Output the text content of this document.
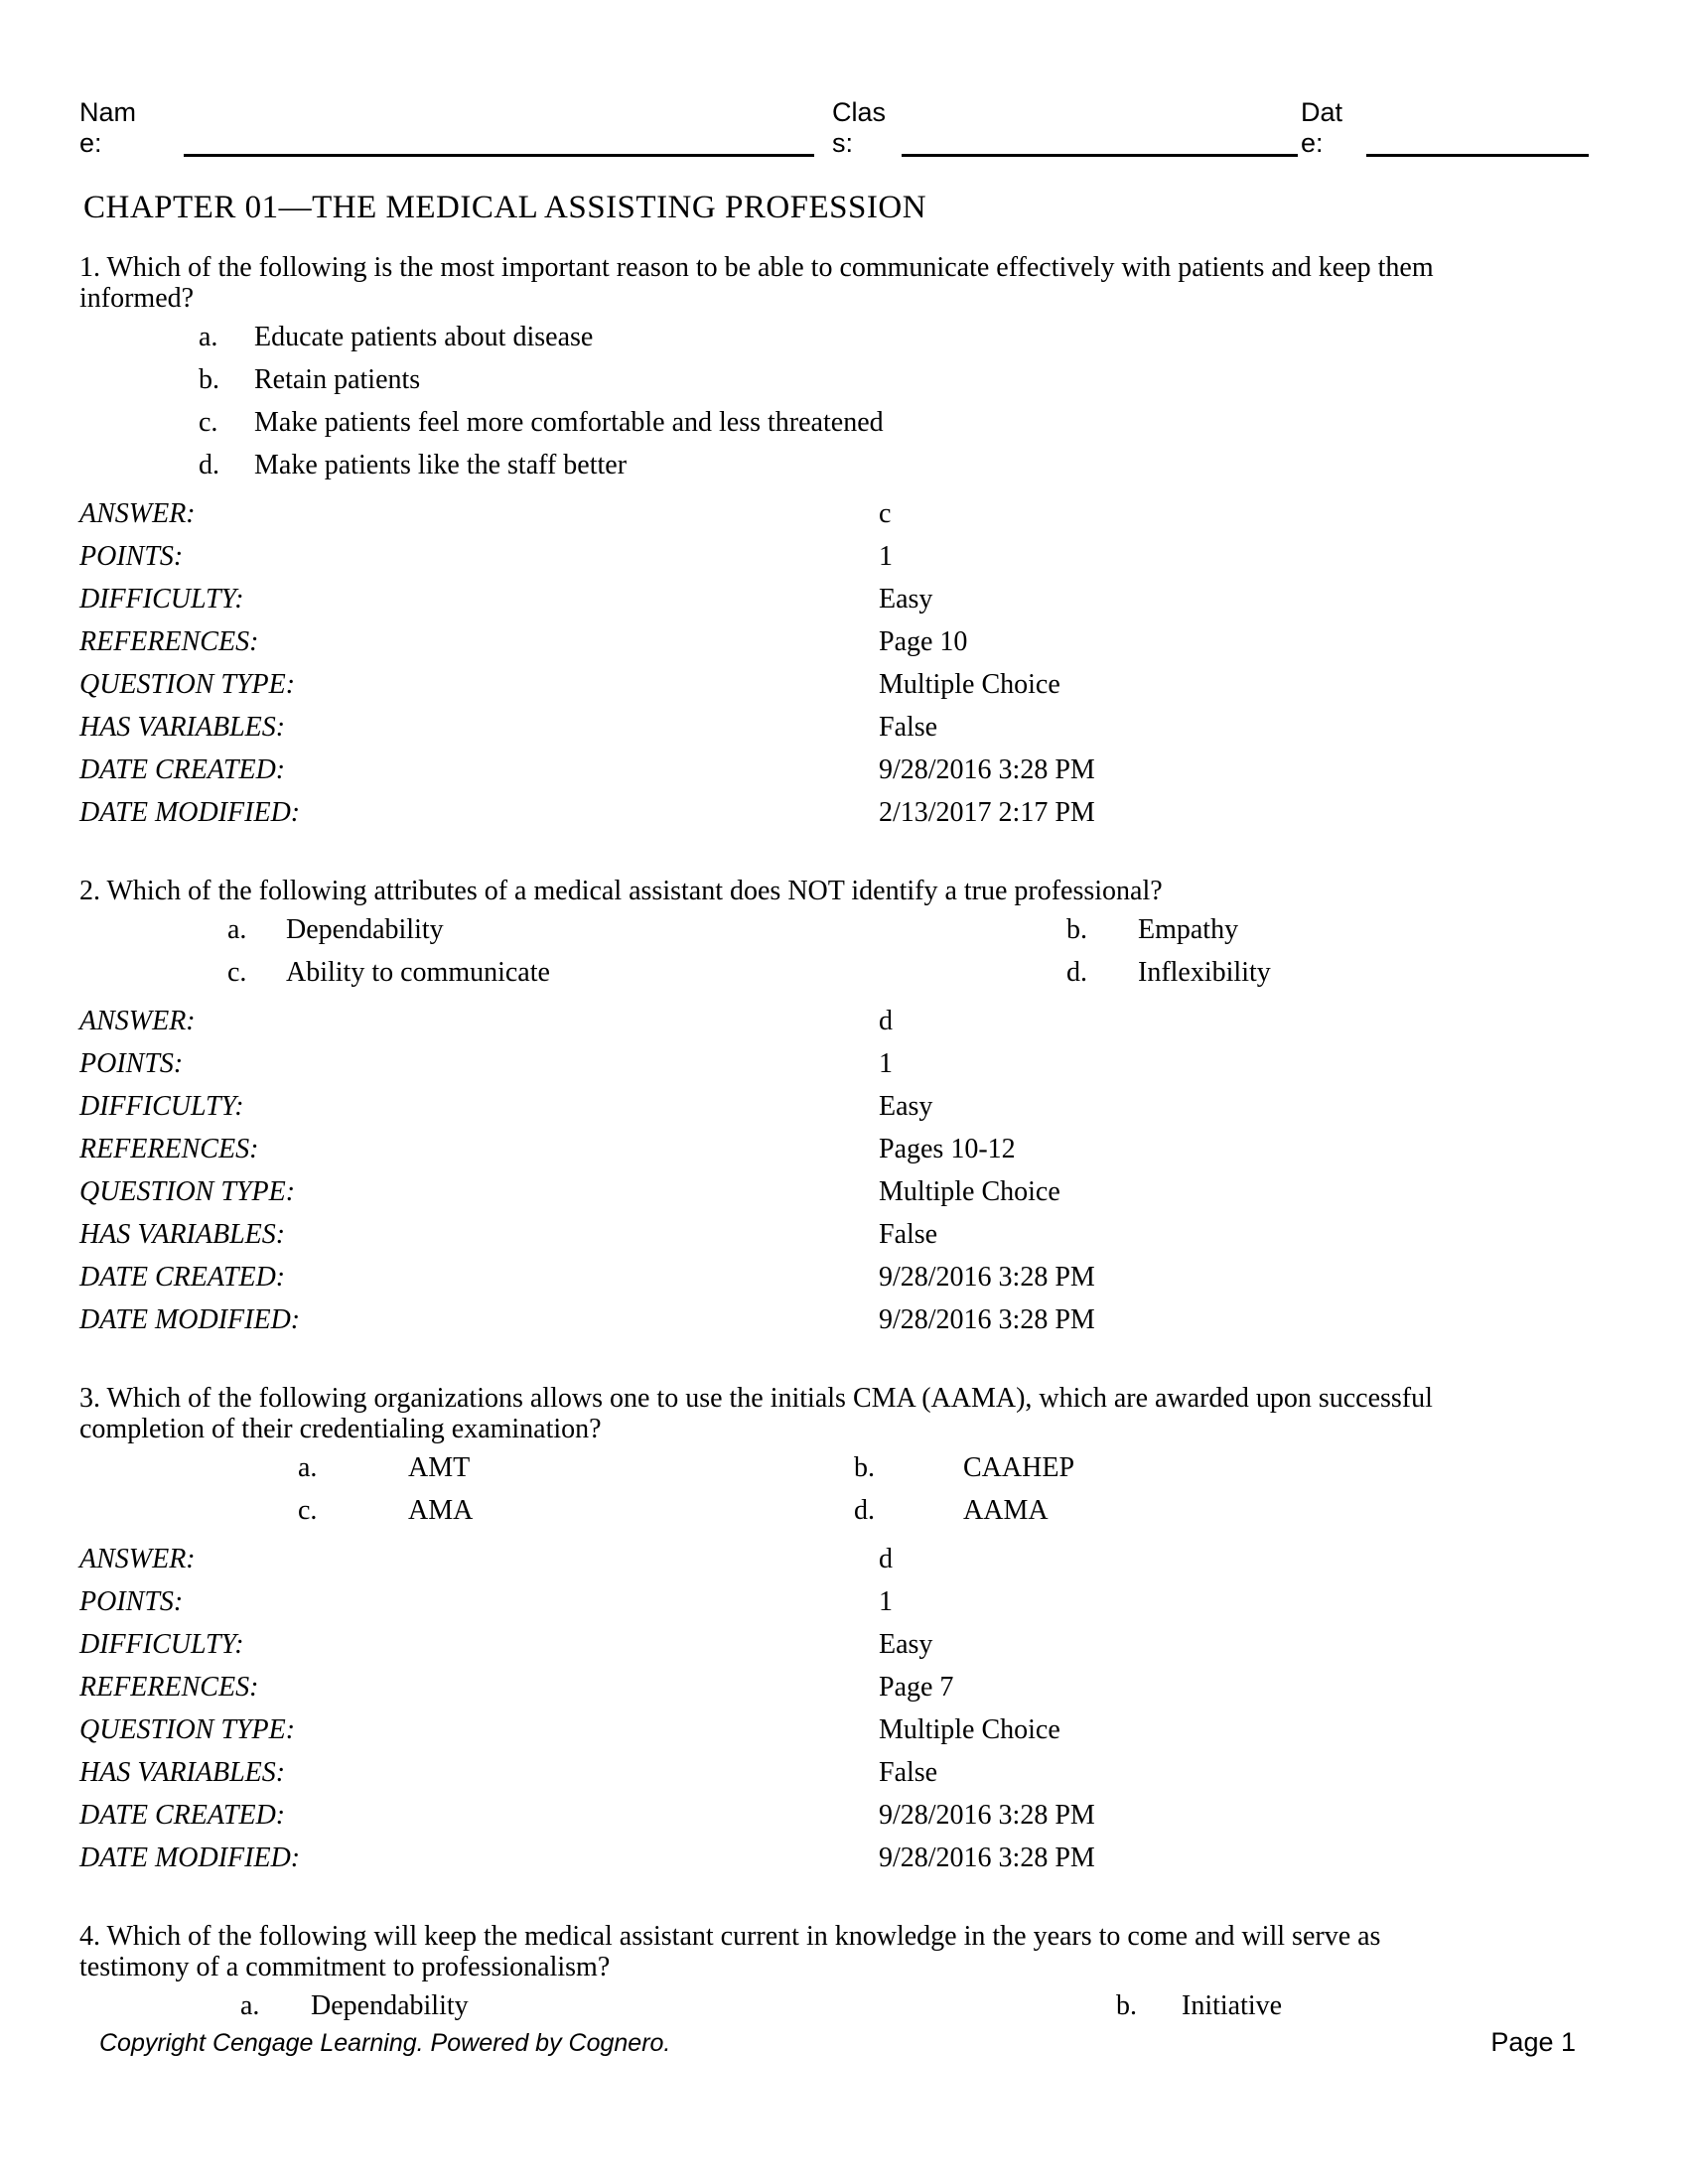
Name:
Class:
Date:
CHAPTER 01—THE MEDICAL ASSISTING PROFESSION
1. Which of the following is the most important reason to be able to communicate effectively with patients and keep them
informed?
a.	Educate patients about disease
b.	Retain patients
c.	Make patients feel more comfortable and less threatened
d.	Make patients like the staff better
ANSWER:	c
POINTS:	1
DIFFICULTY:	Easy
REFERENCES:	Page 10
QUESTION TYPE:	Multiple Choice
HAS VARIABLES:	False
DATE CREATED:	9/28/2016 3:28 PM
DATE MODIFIED:	2/13/2017 2:17 PM
2. Which of the following attributes of a medical assistant does NOT identify a true professional?
a.	Dependability	b.	Empathy
c.	Ability to communicate	d.	Inflexibility
ANSWER:	d
POINTS:	1
DIFFICULTY:	Easy
REFERENCES:	Pages 10-12
QUESTION TYPE:	Multiple Choice
HAS VARIABLES:	False
DATE CREATED:	9/28/2016 3:28 PM
DATE MODIFIED:	9/28/2016 3:28 PM
3. Which of the following organizations allows one to use the initials CMA (AAMA), which are awarded upon successful
completion of their credentialing examination?
a.	AMT	b.	CAAHEP
c.	AMA	d.	AAMA
ANSWER:	d
POINTS:	1
DIFFICULTY:	Easy
REFERENCES:	Page 7
QUESTION TYPE:	Multiple Choice
HAS VARIABLES:	False
DATE CREATED:	9/28/2016 3:28 PM
DATE MODIFIED:	9/28/2016 3:28 PM
4. Which of the following will keep the medical assistant current in knowledge in the years to come and will serve as
testimony of a commitment to professionalism?
a.	Dependability	b.	Initiative
Copyright Cengage Learning. Powered by Cognero.	Page 1
